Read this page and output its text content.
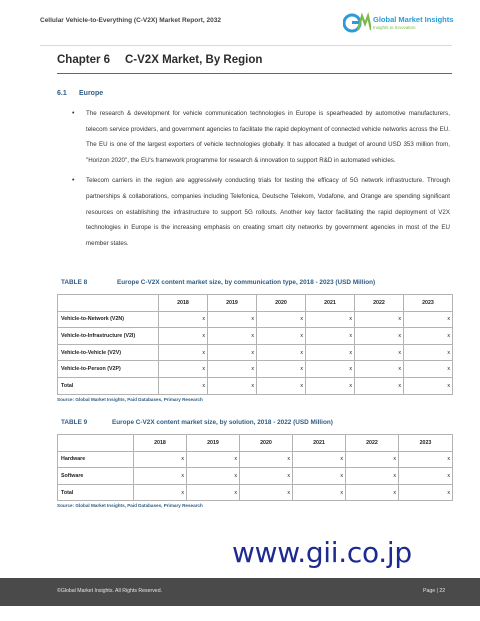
Cellular Vehicle-to-Everything (C-V2X) Market Report, 2032	Global Market Insights
Insights to Innovation
Chapter 6 C-V2X Market, By Region
6.1 Europe
• The research & development for vehicle communication technologies in Europe is spearheaded by automotive manufacturers, telecom service providers, and government agencies to facilitate the rapid deployment of connected vehicle networks across the EU. The EU is one of the largest exporters of vehicle technologies globally. It has allocated a budget of around USD 353 million from, "Horizon 2020", the EU's framework programme for research & innovation to support R&D in automated vehicles.
• Telecom carriers in the region are aggressively conducting trials for testing the efficacy of 5G network infrastructure. Through partnerships & collaborations, companies including Telefonica, Deutsche Telekom, Vodafone, and Orange are spending significant resources on establishing the infrastructure to support 5G rollouts. Another key factor facilitating the rapid deployment of V2X technologies in Europe is the increasing emphasis on creating smart city networks by government agencies in most of the EU member states.
TABLE 8	Europe C-V2X content market size, by communication type, 2018 - 2023 (USD Million)
	2018	2019	2020	2021	2022	2023
Vehicle-to-Network (V2N)	x	x	x	x	x	x
Vehicle-to-Infrastructure (V2I)	x	x	x	x	x	x
Vehicle-to-Vehicle (V2V)	x	x	x	x	x	x
Vehicle-to-Person (V2P)	x	x	x	x	x	x
Total	x	x	x	x	x	x
Source: Global Market Insights, Paid Databases, Primary Research
TABLE 9	Europe C-V2X content market size, by solution, 2018 - 2022 (USD Million)
	2018	2019	2020	2021	2022	2023
Hardware	x	x	x	x	x	x
Software	x	x	x	x	x	x
Total	x	x	x	x	x	x
Source: Global Market Insights, Paid Databases, Primary Research
www.gii.co.jp
©Global Market Insights. All Rights Reserved.	Page | 22
